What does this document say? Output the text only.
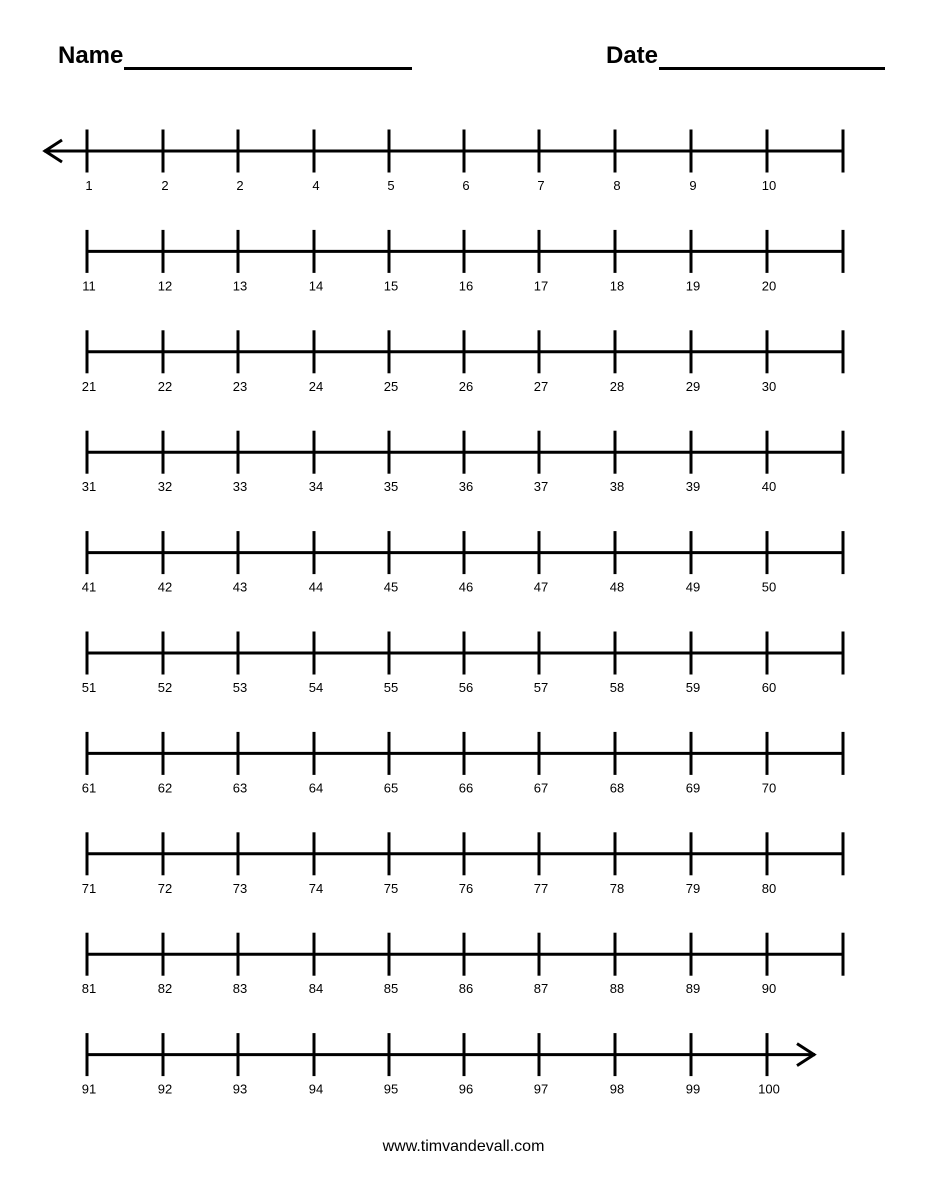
Name	Date
1	2	2	4	5	6	7	8	9	10
11	12	13	14	15	16	17	18	19	20
21	22	23	24	25	26	27	28	29	30
31	32	33	34	35	36	37	38	39	40
41	42	43	44	45	46	47	48	49	50
51	52	53	54	55	56	57	58	59	60
61	62	63	64	65	66	67	68	69	70
71	72	73	74	75	76	77	78	79	80
81	82	83	84	85	86	87	88	89	90
91	92	93	94	95	96	97	98	99	100
www.timvandevall.com
